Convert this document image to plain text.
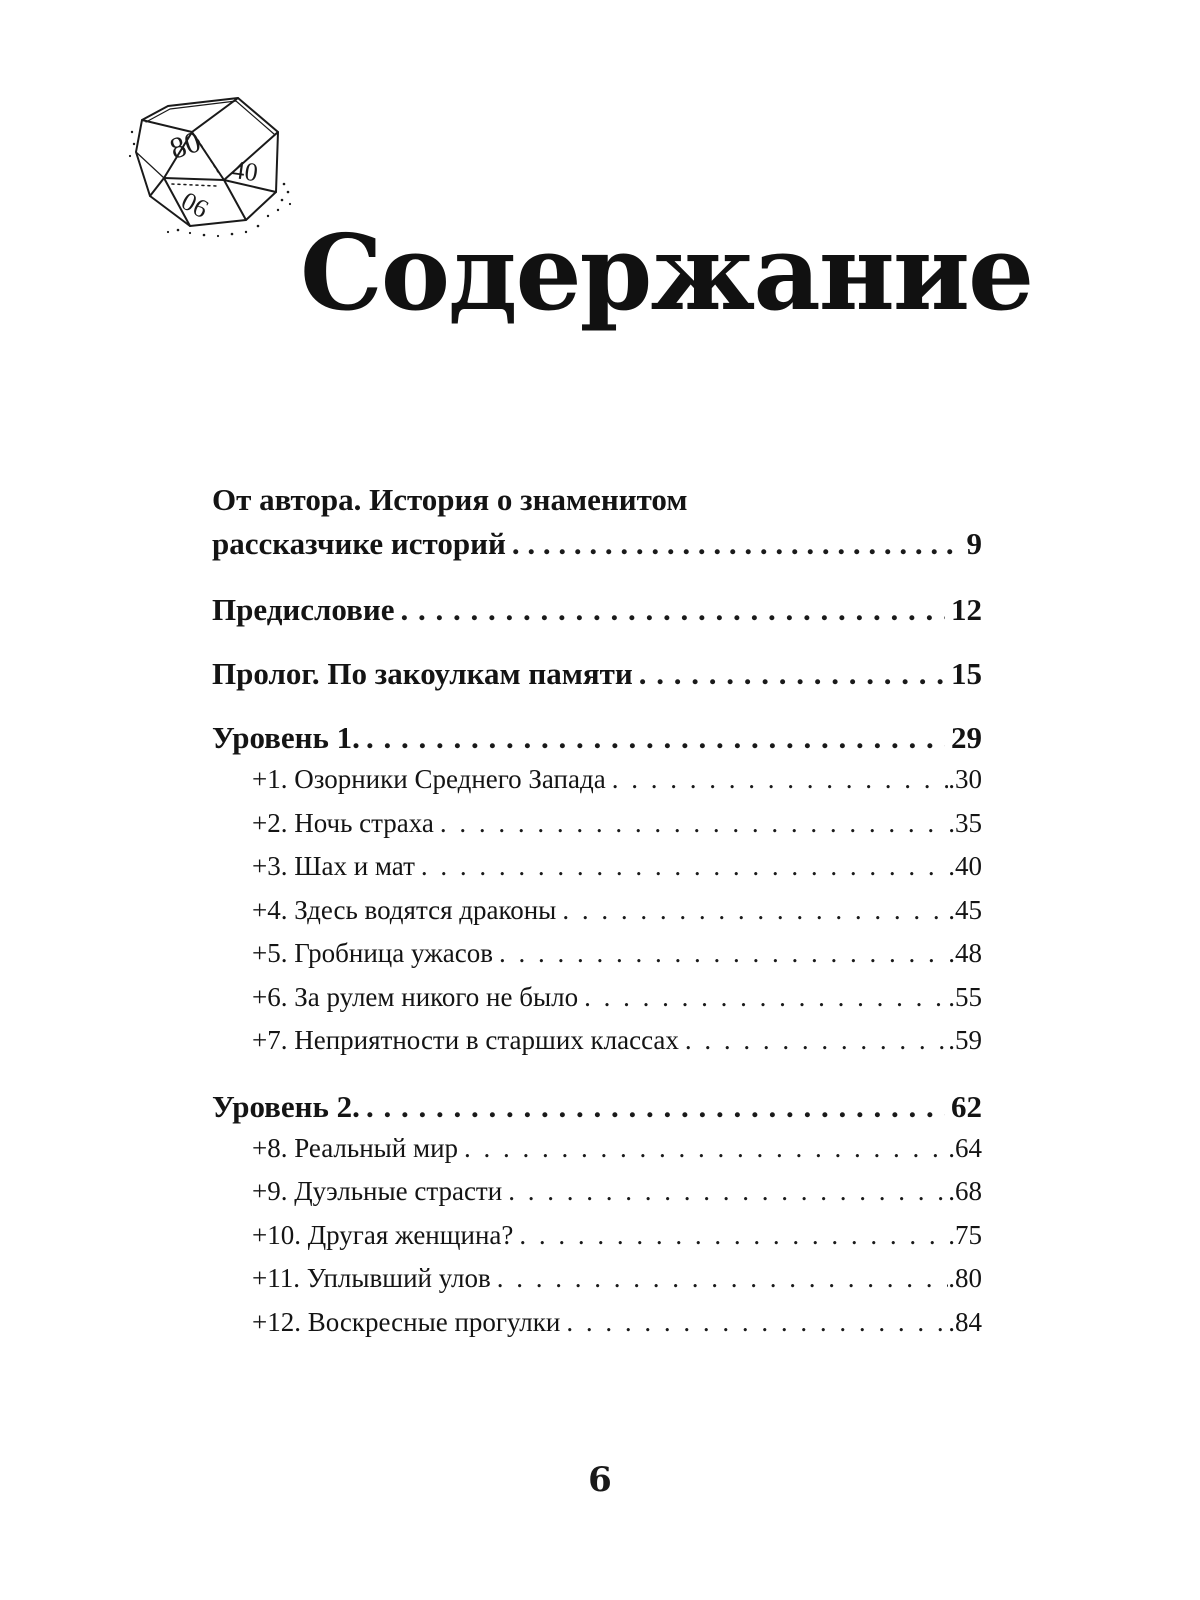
80
40
06
Содержание
От автора. История о знаменитом
рассказчике историй . . .	9
Предисловие . . .	12
Пролог. По закоулкам памяти . . .	15
Уровень 1. . . .	29
+1. Озорники Среднего Запада . . .	.30
+2. Ночь страха . . .	.35
+3. Шах и мат . . .	.40
+4. Здесь водятся драконы . . .	.45
+5. Гробница ужасов . . .	.48
+6. За рулем никого не было . . .	.55
+7. Неприятности в старших классах . . .	.59
Уровень 2. . . .	62
+8. Реальный мир . . .	.64
+9. Дуэльные страсти . . .	.68
+10. Другая женщина? . . .	.75
+11. Уплывший улов . . .	.80
+12. Воскресные прогулки . . .	.84
6
